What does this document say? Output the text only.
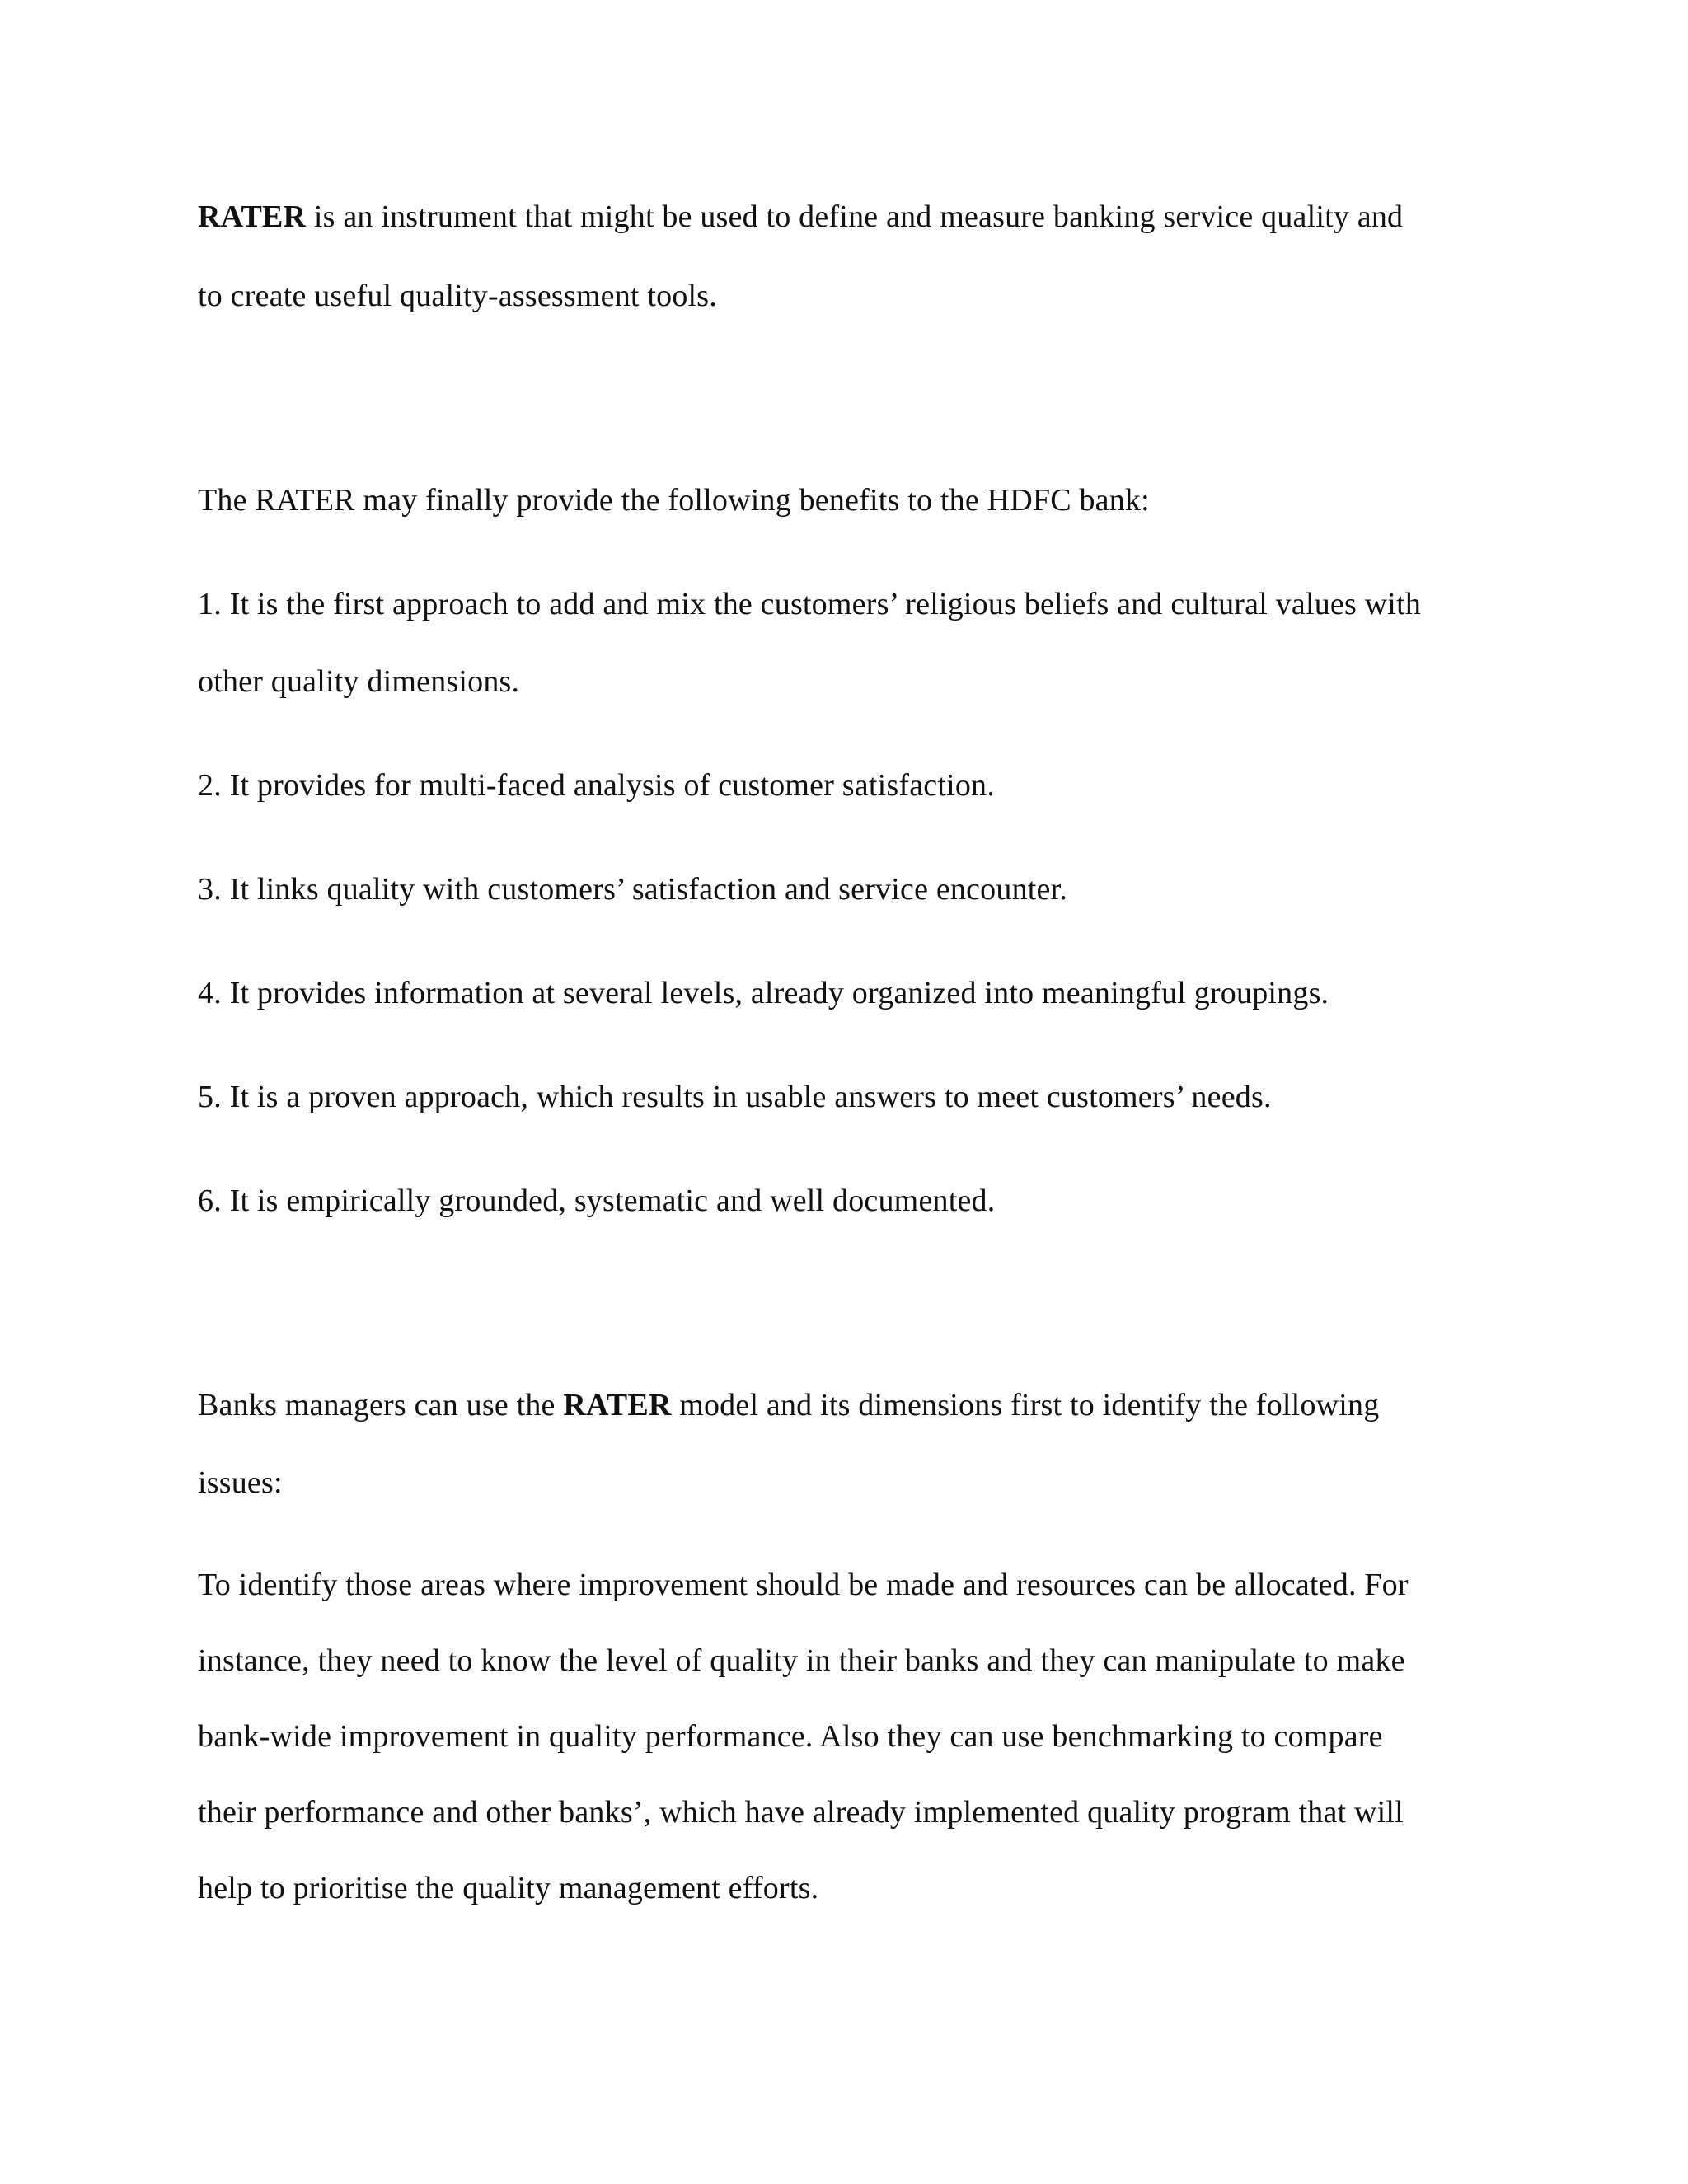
RATER is an instrument that might be used to define and measure banking service quality and
to create useful quality-assessment tools.
The RATER may finally provide the following benefits to the HDFC bank:
1. It is the first approach to add and mix the customers’ religious beliefs and cultural values with
other quality dimensions.
2. It provides for multi-faced analysis of customer satisfaction.
3. It links quality with customers’ satisfaction and service encounter.
4. It provides information at several levels, already organized into meaningful groupings.
5. It is a proven approach, which results in usable answers to meet customers’ needs.
6. It is empirically grounded, systematic and well documented.
Banks managers can use the RATER model and its dimensions first to identify the following
issues:
To identify those areas where improvement should be made and resources can be allocated. For
instance, they need to know the level of quality in their banks and they can manipulate to make
bank-wide improvement in quality performance. Also they can use benchmarking to compare
their performance and other banks’, which have already implemented quality program that will
help to prioritise the quality management efforts.
